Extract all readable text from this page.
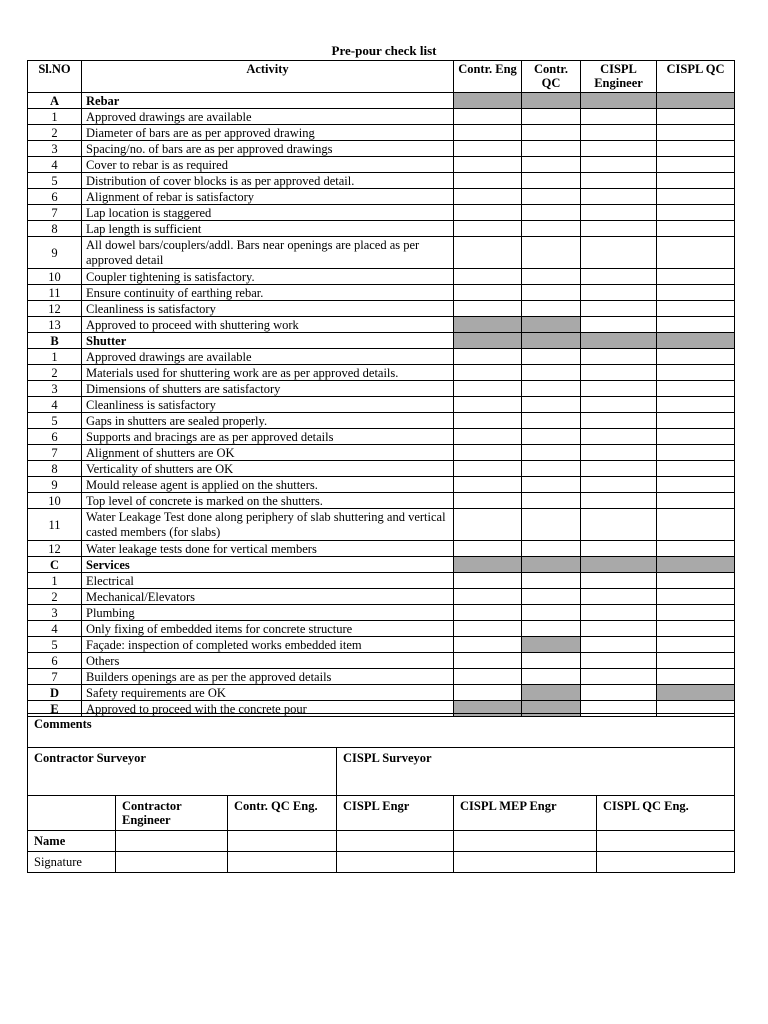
Pre-pour check list
Sl.NO	Activity	Contr. Eng	Contr. QC	CISPL Engineer	CISPL QC
A	Rebar				
1	Approved drawings are available				
2	Diameter of bars are as per approved drawing				
3	Spacing/no. of bars are as per approved drawings				
4	Cover to rebar is as required				
5	Distribution of cover blocks is as per approved detail.				
6	Alignment of rebar is satisfactory				
7	Lap location is staggered				
8	Lap length is sufficient				
9	All dowel bars/couplers/addl. Bars near openings are placed as per approved detail				
10	Coupler tightening is satisfactory.				
11	Ensure continuity of earthing rebar.				
12	Cleanliness is satisfactory				
13	Approved to proceed with shuttering work				
B	Shutter				
1	Approved drawings are available				
2	Materials used for shuttering work are as per approved details.				
3	Dimensions of shutters are satisfactory				
4	Cleanliness is satisfactory				
5	Gaps in shutters are sealed properly.				
6	Supports and bracings are as per approved details				
7	Alignment of shutters are OK				
8	Verticality of shutters are OK				
9	Mould release agent is applied on the shutters.				
10	Top level of concrete is marked on the shutters.				
11	Water Leakage Test done along periphery of slab shuttering and vertical casted members (for slabs)				
12	Water leakage tests done for vertical members				
C	Services				
1	Electrical				
2	Mechanical/Elevators				
3	Plumbing				
4	Only fixing of embedded items for concrete structure				
5	Façade: inspection of completed works embedded item				
6	Others				
7	Builders openings are as per the approved details				
D	Safety requirements are OK				
E	Approved to proceed with the concrete pour				
Comments					
Contractor Surveyor			CISPL Surveyor		
	Contractor Engineer	Contr. QC Eng.	CISPL Engr	CISPL MEP Engr	CISPL QC Eng.
Name					
Signature					
